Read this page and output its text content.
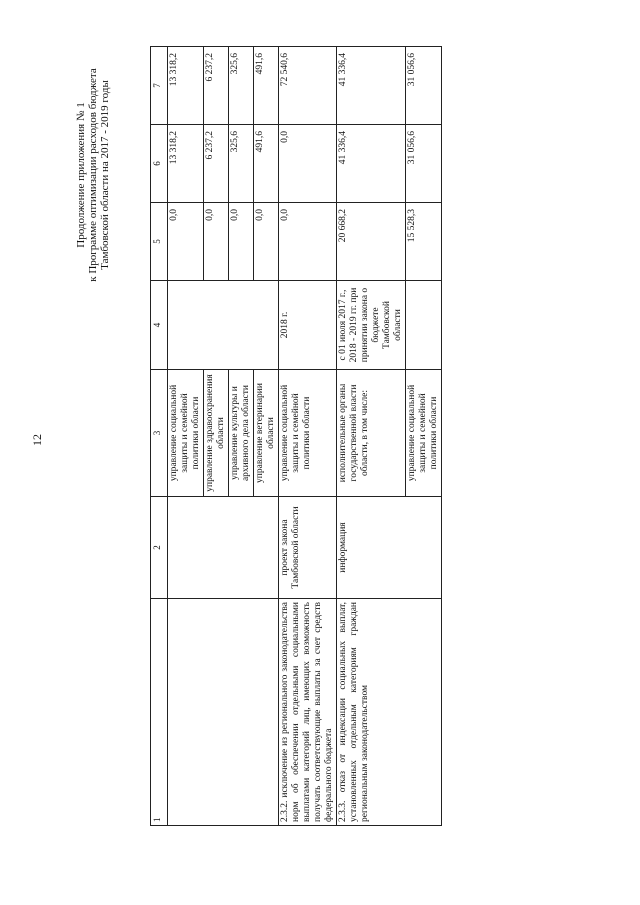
12
Продолжение приложения № 1 к Программе оптимизации расходов бюджета Тамбовской области на 2017 - 2019 годы
1	2	3	4	5	6	7
		управление социальной защиты и семейной политики области		0,0	13 318,2	13 318,2
		управление здравоохранения области		0,0	6 237,2	6 237,2
		управление культуры и архивного дела области		0,0	325,6	325,6
		управление ветеринарии области		0,0	491,6	491,6
2.3.2. исключение из регионального законодательства норм об обеспечении отдельными социальными выплатами категорий лиц, имеющих возможность получать соответствующие выплаты за счет средств федерального бюджета	проект закона Тамбовской области	управление социальной защиты и семейной политики области	2018 г.	0,0	0,0	72 540,6
2.3.3. отказ от индексации социальных выплат, установленных отдельным категориям граждан региональным законодательством	информация	исполнительные органы государственной власти области, в том числе:	с 01 июля 2017 г., 2018 - 2019 гг. при принятии закона о бюджете Тамбовской области	20 668,2	41 336,4	41 336,4
		управление социальной защиты и семейной политики области		15 528,3	31 056,6	31 056,6
